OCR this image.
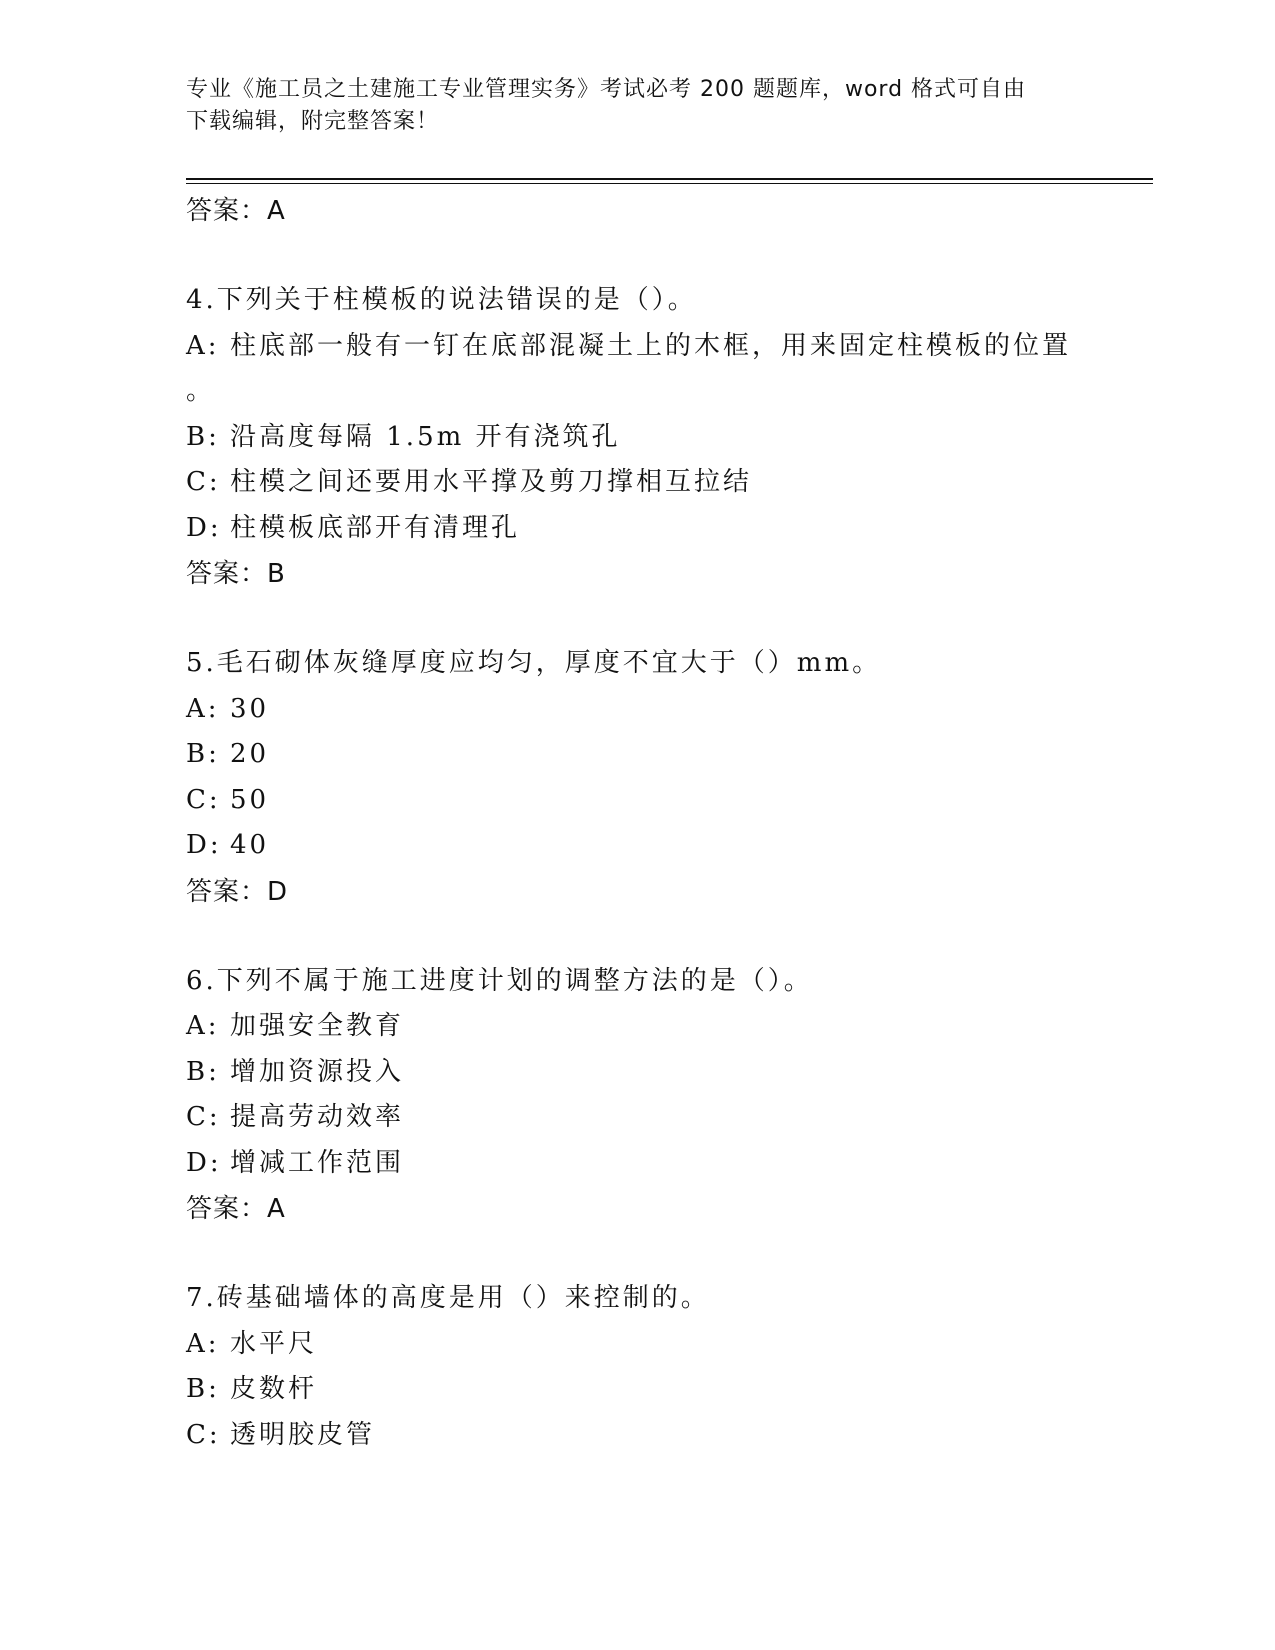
专业《施工员之土建施工专业管理实务》考试必考 200 题题库，word 格式可自由
下载编辑，附完整答案！
答案：A
4.下列关于柱模板的说法错误的是（）。
A: 柱底部一般有一钉在底部混凝土上的木框，用来固定柱模板的位置
。
B: 沿高度每隔 1.5m 开有浇筑孔
C: 柱模之间还要用水平撑及剪刀撑相互拉结
D: 柱模板底部开有清理孔
答案：B
5.毛石砌体灰缝厚度应均匀，厚度不宜大于（）mm。
A: 30
B: 20
C: 50
D: 40
答案：D
6.下列不属于施工进度计划的调整方法的是（）。
A: 加强安全教育
B: 增加资源投入
C: 提高劳动效率
D: 增减工作范围
答案：A
7.砖基础墙体的高度是用（）来控制的。
A: 水平尺
B: 皮数杆
C: 透明胶皮管
